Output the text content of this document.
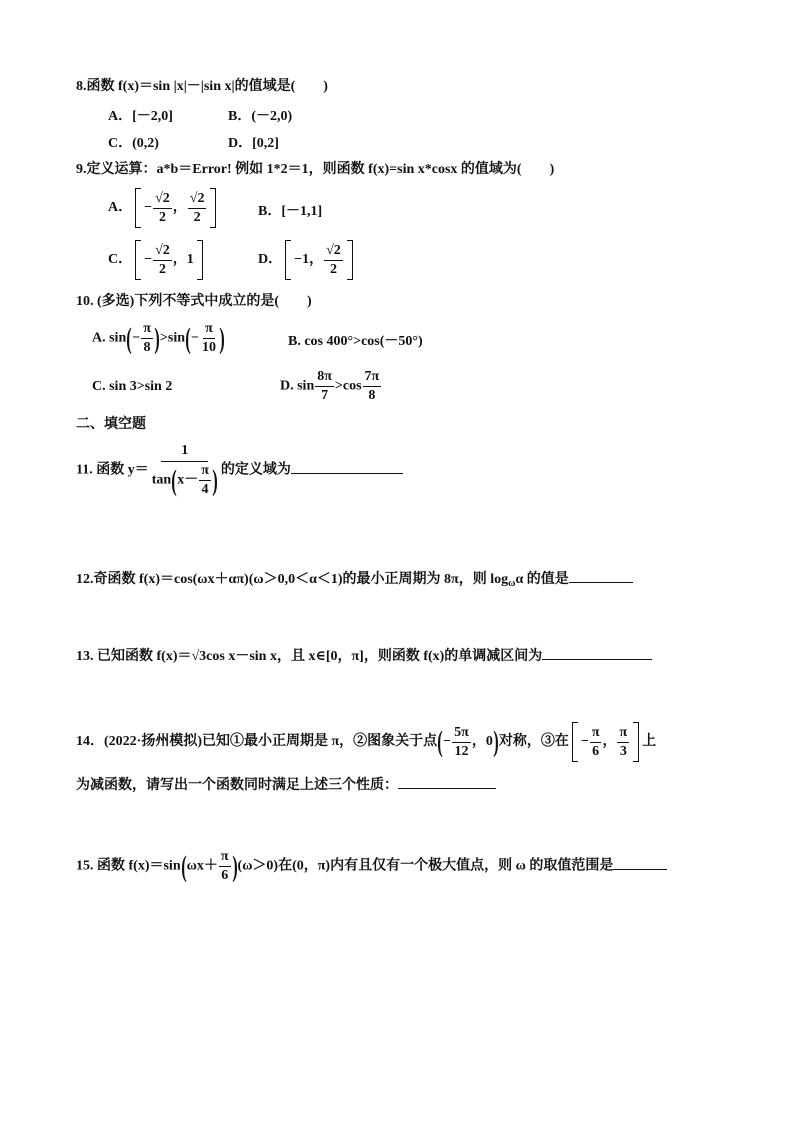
8.函数 f(x)＝sin |x|－|sin x|的值域是(　　)
A．[－2,0]	B．(－2,0)
C．(0,2)	D．[0,2]
9.定义运算：a*b＝Error! 例如 1*2＝1，则函数 f(x)=sin x*cosx 的值域为(　　)
A． − $\frac{√2}{2}$ ， $\frac{√2}{2}$	B．[－1,1]
C． − $\frac{√2}{2}$ ，1	D． −1， $\frac{√2}{2}$
10. (多选)下列不等式中成立的是(　　)
A. $\sin(- \frac{\pi}{8} )>\sin(- \frac{\pi}{10}$ )	B. cos 400°>cos(－50°)
C. sin 3>sin 2	D. $\sin \frac{8\pi}{7} >\cos \frac{7\pi}{8}$
二、填空题
11. 函数 $y= \frac{1}{\tan(x- \frac{\pi}{4} )}$ 的定义域为
12.奇函数 f(x)＝cos(ωx＋απ)(ω＞0,0＜α＜1)的最小正周期为 8π，则 $\log_\omega\alpha$ 的值是
13. 已知函数 f(x)＝√3cos x－sin x，且 x∈[0，π]，则函数 f(x)的单调减区间为
14．(2022·扬州模拟)已知①最小正周期是 π，②图象关于点(− $\frac{5\pi}{12}$ ，0)对称，③在 − $\frac{\pi}{6}$ ， $\frac{\pi}{3}$ 上
为减函数，请写出一个函数同时满足上述三个性质：
15. 函数 $f(x)=\sin(\omega x+ \frac{\pi}{6} )(\omega>0)$在(0，π)内有且仅有一个极大值点，则 ω 的取值范围是
